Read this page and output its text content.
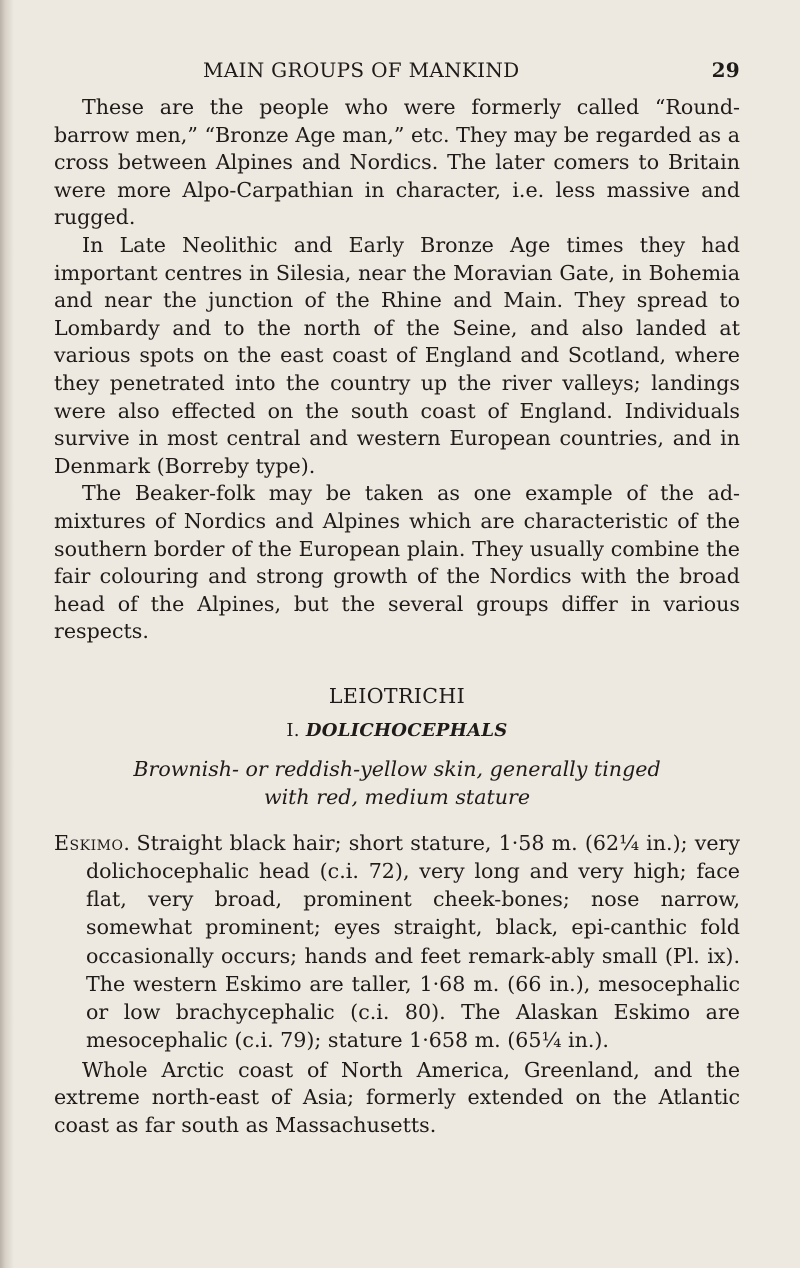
MAIN GROUPS OF MANKIND	29

These are the people who were formerly called “Round-barrow men,” “Bronze Age man,” etc. They may be regarded as a cross between Alpines and Nordics. The later comers to Britain were more Alpo-Carpathian in character, i.e. less massive and rugged.

In Late Neolithic and Early Bronze Age times they had important centres in Silesia, near the Moravian Gate, in Bohemia and near the junction of the Rhine and Main. They spread to Lombardy and to the north of the Seine, and also landed at various spots on the east coast of England and Scotland, where they penetrated into the country up the river valleys; landings were also effected on the south coast of England. Individuals survive in most central and western European countries, and in Denmark (Borreby type).

The Beaker-folk may be taken as one example of the ad-mixtures of Nordics and Alpines which are characteristic of the southern border of the European plain. They usually combine the fair colouring and strong growth of the Nordics with the broad head of the Alpines, but the several groups differ in various respects.

LEIOTRICHI
I. DOLICHOCEPHALS
Brownish- or reddish-yellow skin, generally tinged with red, medium stature
Eskimo. Straight black hair; short stature, 1·58 m. (62¼ in.); very dolichocephalic head (c.i. 72), very long and very high; face flat, very broad, prominent cheek-bones; nose narrow, somewhat prominent; eyes straight, black, epi-canthic fold occasionally occurs; hands and feet remark-ably small (Pl. ix). The western Eskimo are taller, 1·68 m. (66 in.), mesocephalic or low brachycephalic (c.i. 80). The Alaskan Eskimo are mesocephalic (c.i. 79); stature 1·658 m. (65¼ in.).

Whole Arctic coast of North America, Greenland, and the extreme north-east of Asia; formerly extended on the Atlantic coast as far south as Massachusetts.
